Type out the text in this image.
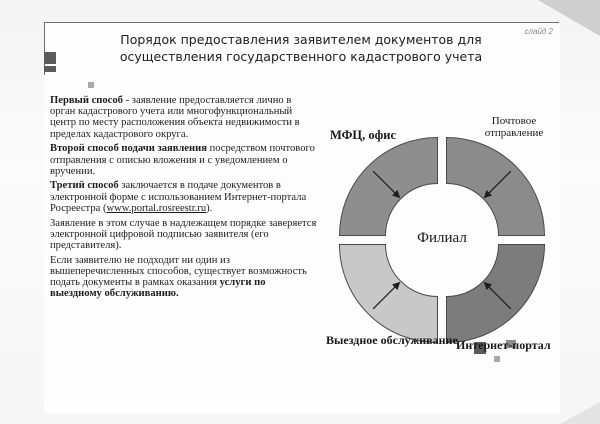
Порядок предоставления заявителем документов для осуществления государственного кадастрового учета
слайд 2

Первый способ - заявление предоставляется лично в орган кадастрового учета или многофункциональный центр по месту расположения объекта недвижимости в пределах кадастрового округа.

Второй способ подачи заявления посредством почтового отправления с описью вложения и с уведомлением о вручении.

Третий способ заключается в подаче документов в электронной форме с использованием Интернет-портала Росреестра (www.portal.rosreestr.ru).

Заявление в этом случае в надлежащем порядке заверяется электронной цифровой подписью заявителя (его представителя).

Если заявителю не подходит ни один из вышеперечисленных способов, существует возможность подать документы в рамках оказания услуги по выездному обслуживанию.

МФЦ, офис
Почтовое отправление
Филиал
Выездное обслуживание
Интернет-портал
